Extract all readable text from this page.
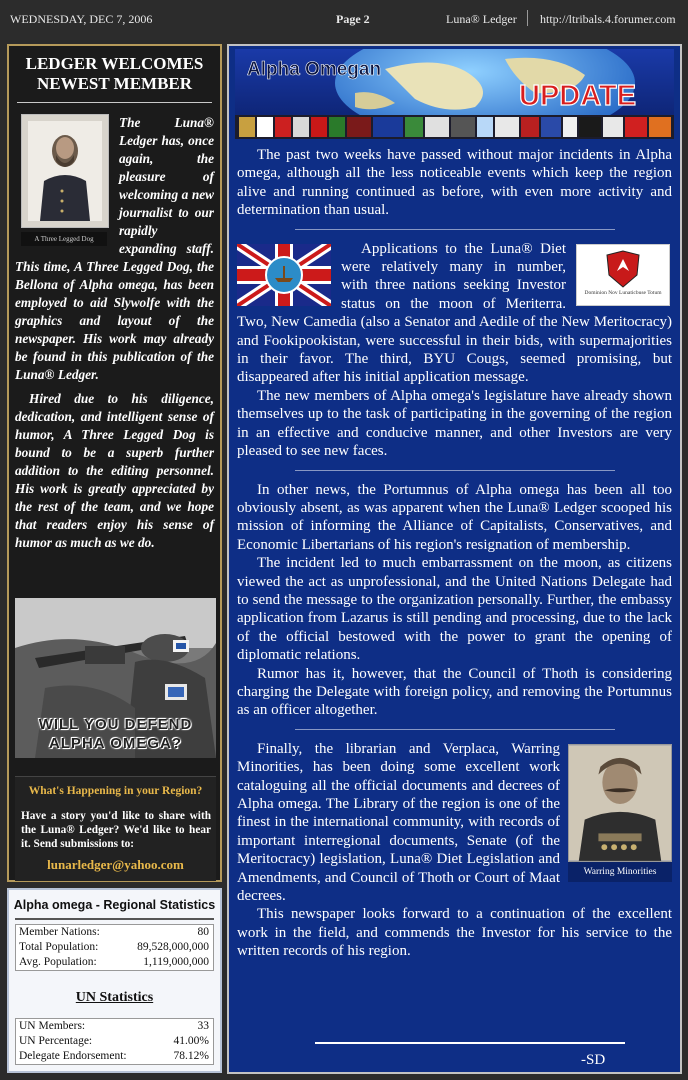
WEDNESDAY, DEC 7, 2006	Page 2	Luna® Ledger http://ltribals.4.forumer.com
LEDGER WELCOMES NEWEST MEMBER
A Three Legged Dog

The Luna® Ledger has, once again, the pleasure of welcoming a new journalist to our rapidly expanding staff. This time, A Three Legged Dog, the Bellona of Alpha omega, has been employed to aid Slywolfe with the graphics and layout of the newspaper. His work may already be found in this publication of the Luna® Ledger.

Hired due to his diligence, dedication, and intelligent sense of humor, A Three Legged Dog is bound to be a superb further addition to the editing personnel. His work is greatly appreciated by the rest of the team, and we hope that readers enjoy his sense of humor as much as we do.

WILL YOU DEFEND
ALPHA OMEGA?
What's Happening in your Region?
Have a story you'd like to share with the Luna® Ledger? We'd like to hear it. Send submissions to:
lunarledger@yahoo.com
Alpha omega - Regional Statistics
Member Nations:	80
Total Population:	89,528,000,000
Avg. Population:	1,119,000,000
UN Statistics
UN Members:	33
UN Percentage:	41.00%
Delegate Endorsement:	78.12%
Alpha Omegan
UPDATE

The past two weeks have passed without major incidents in Alpha omega, although all the less noticeable events which keep the region alive and running continued as before, with even more activity and determination than usual.

Dominion Nov Lunaticbuse Totum

Applications to the Luna® Diet were relatively many in number, with three nations seeking Investor status on the moon of Meriterra. Two, New Camedia (also a Senator and Aedile of the New Meritocracy) and Fookipookistan, were successful in their bids, with supermajorities in their favor. The third, BYU Cougs, seemed promising, but disappeared after his initial application message.

The new members of Alpha omega's legislature have already shown themselves up to the task of participating in the governing of the region in an effective and conducive manner, and other Investors are very pleased to see new faces.

In other news, the Portumnus of Alpha omega has been all too obviously absent, as was apparent when the Luna® Ledger scooped his mission of informing the Alliance of Capitalists, Conservatives, and Economic Libertarians of his region's resignation of membership.

The incident led to much embarrassment on the moon, as citizens viewed the act as unprofessional, and the United Nations Delegate had to send the message to the organization personally. Further, the embassy application from Lazarus is still pending and processing, due to the lack of the official bestowed with the power to grant the opening of diplomatic relations.

Rumor has it, however, that the Council of Thoth is considering charging the Delegate with foreign policy, and removing the Portumnus as an officer altogether.

Warring Minorities

Finally, the librarian and Verplaca, Warring Minorities, has been doing some excellent work cataloguing all the official documents and decrees of Alpha omega. The Library of the region is one of the finest in the international community, with records of important interregional documents, Senate (of the Meritocracy) legislation, Luna® Diet Legislation and Amendments, and Council of Thoth or Court of Maat decrees.

This newspaper looks forward to a continuation of the excellent work in the field, and commends the Investor for his service to the written records of his region.

-SD
